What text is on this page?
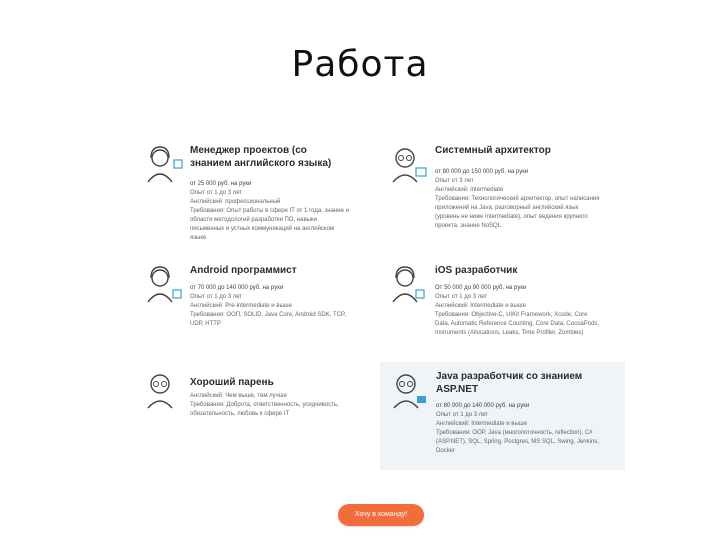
Работа
Менеджер проектов (со знанием английского языка)
от 25 000 руб. на руки
Опыт от 1 до 3 лет
Английский: профессиональный
Требования: Опыт работы в сфере IT от 1 года, знание и области методологий разработки ПО, навыки письменных и устных коммуникаций на английском языке
Системный архитектор
от 80 000 до 150 000 руб. на руки
Опыт от 3 лет
Английский: intermediate
Требования: Технологический архитектор, опыт написания приложений на Java, разговорный английский язык (уровень не ниже intermediate), опыт ведения крупного проекта, знание NoSQL
Android программист
от 70 000 до 140 000 руб. на руки
Опыт от 1 до 3 лет
Английский: Pre-intermediate и выше
Требования: ООП, SOLID, Java Core, Android SDK, TCP, UDP, HTTP
iOS разработчик
От 50 000 до 90 000 руб. на руки
Опыт от 1 до 3 лет
Английский: Intermediate и выше
Требования: Objective-C, UIKit Framework, Xcode, Core Data, Automatic Reference Counting, Core Data, CocoaPods, Instruments (Allocations, Leaks, Time Profiler, Zombies)
Хороший парень
Английский: Чем выше, тем лучше
Требования: Доброта, ответственность, усидчивость, обязательность, любовь к сфере IT
Java разработчик со знанием ASP.NET
от 80 000 до 140 000 руб. на руки
Опыт от 1 до 3 лет
Английский: Intermediate и выше
Требования: OOP, Java (многопоточность, reflection), C# (ASP.NET), SQL, Spring, Postgres, MS SQL, Swing, Jenkins, Docker
Хочу в команду!
